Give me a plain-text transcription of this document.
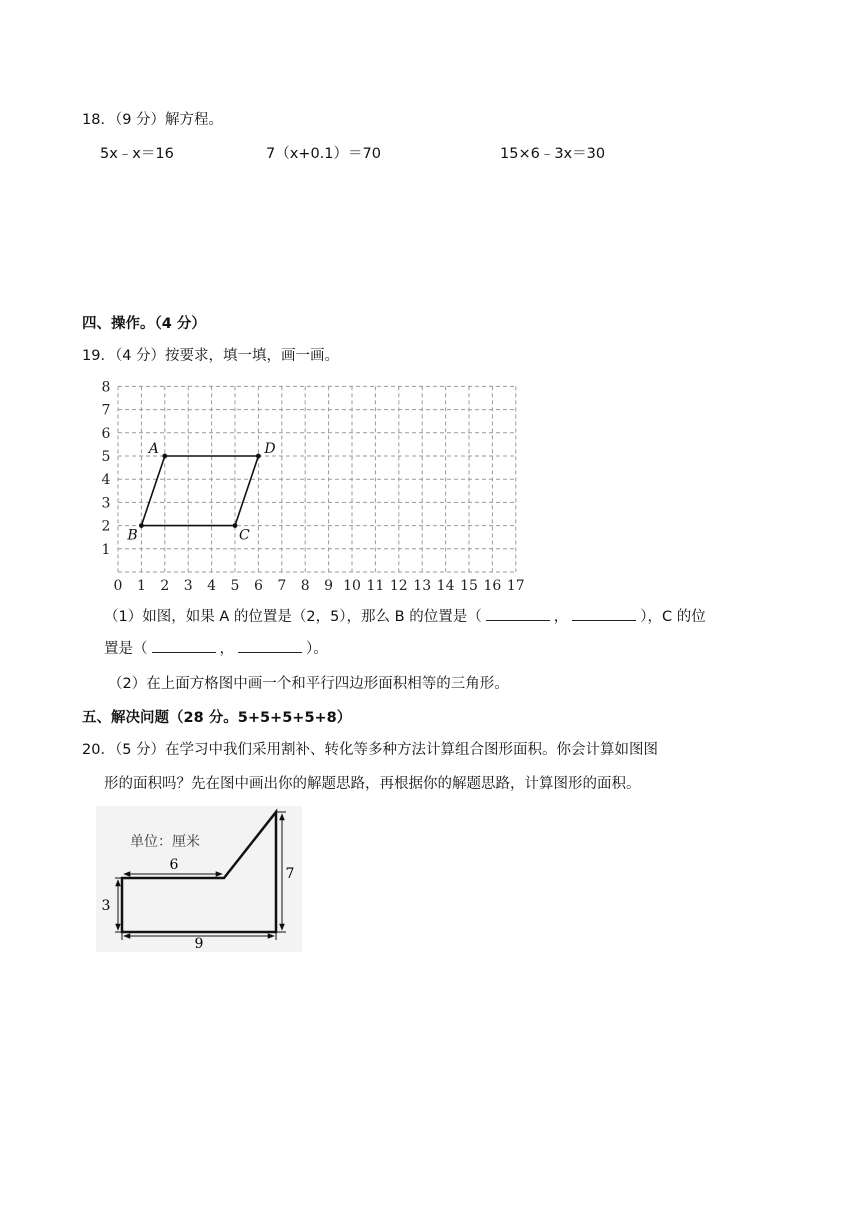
18．（9 分）解方程。
5x﹣x＝16	7（x+0.1）＝70	15×6﹣3x＝30
四、操作。（4 分）
19．（4 分）按要求，填一填，画一画。
0 1 2 3 4 5 6 7 8 9 10 11 12 13 14 15 16 17
1
2
3
4
5
6
7
8
A	D
C
B
（1）如图，如果 A 的位置是（2，5），那么 B 的位置是（	，	），C 的位
置是（	，	）。
（2）在上面方格图中画一个和平行四边形面积相等的三角形。
五、解决问题（28 分。5+5+5+5+8）
20．（5 分）在学习中我们采用割补、转化等多种方法计算组合图形面积。你会计算如图图
形的面积吗？先在图中画出你的解题思路，再根据你的解题思路，计算图形的面积。
单位：厘米
6
3
7
9
